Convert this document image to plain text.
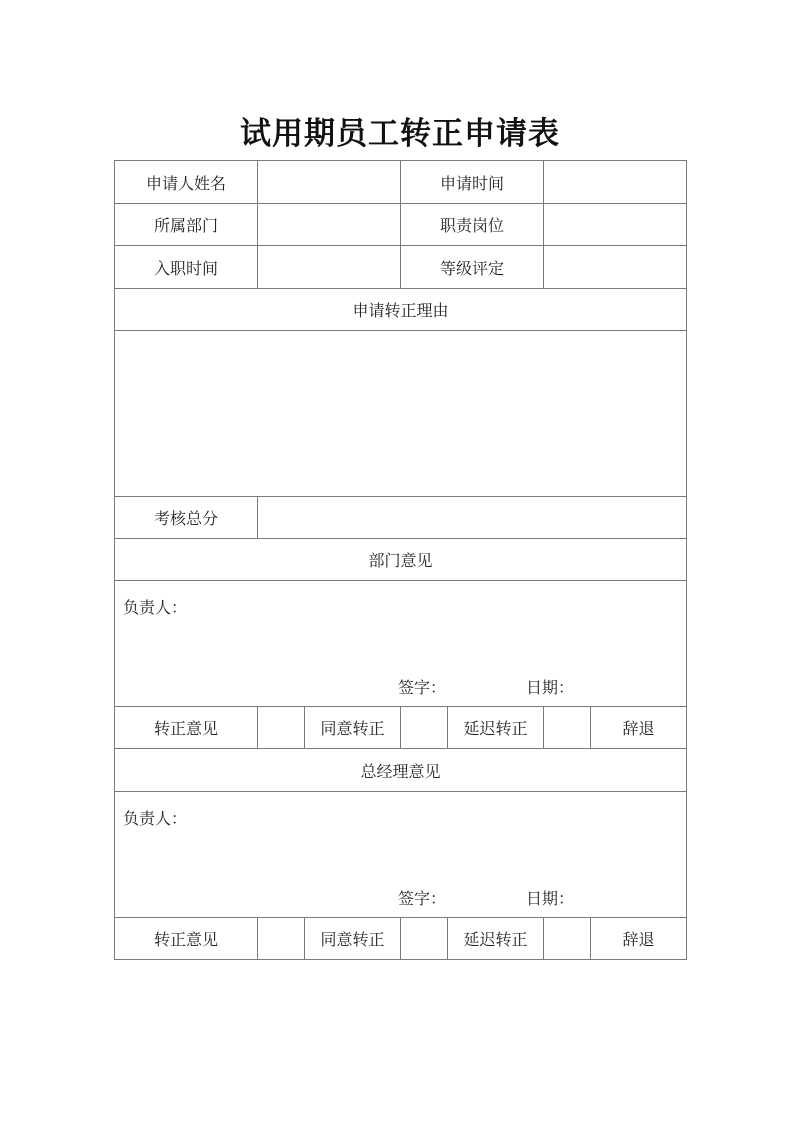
试用期员工转正申请表
申请人姓名			申请时间			
所属部门			职责岗位			
入职时间			等级评定			
申请转正理由						

考核总分						
部门意见						

负责人：
签字： 日期：						

转正意见		同意转正		延迟转正		辞退
总经理意见						

负责人：
签字： 日期：						

转正意见		同意转正		延迟转正		辞退
